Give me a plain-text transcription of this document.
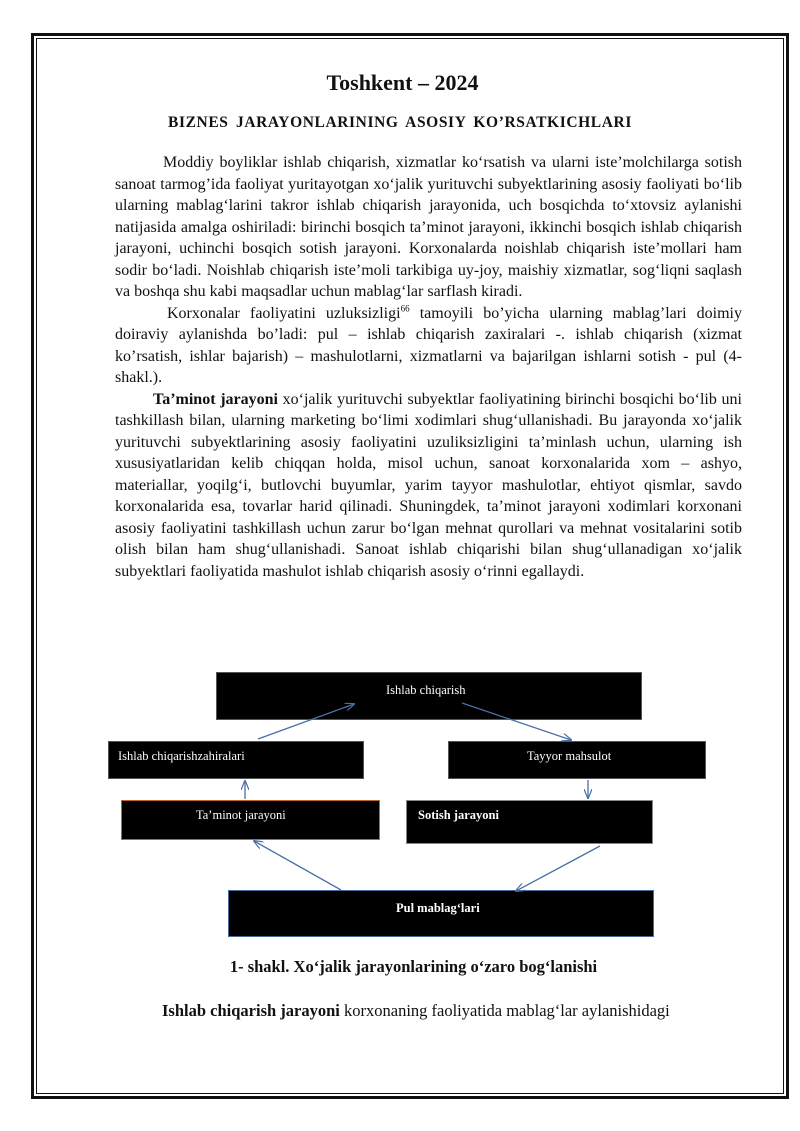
Toshkent – 2024
BIZNES JARAYONLARINING ASOSIY KO’RSATKICHLARI

Moddiy boyliklar ishlab chiqarish, xizmatlar ko‘rsatish va ularni iste’molchilarga sotish sanoat tarmog’ida faoliyat yuritayotgan xo‘jalik yurituvchi subyektlarining asosiy faoliyati bo‘lib ularning mablag‘larini takror ishlab chiqarish jarayonida, uch bosqichda to‘xtovsiz aylanishi natijasida amalga oshiriladi: birinchi bosqich ta’minot jarayoni, ikkinchi bosqich ishlab chiqarish jarayoni, uchinchi bosqich sotish jarayoni. Korxonalarda noishlab chiqarish iste’mollari ham sodir bo‘ladi. Noishlab chiqarish iste’moli tarkibiga uy-joy, maishiy xizmatlar, sog‘liqni saqlash va boshqa shu kabi maqsadlar uchun mablag‘lar sarflash kiradi.

Korxonalar faoliyatini uzluksizligi$^{66}$ tamoyili bo’yicha ularning mablag’lari doimiy doiraviy aylanishda bo’ladi: pul – ishlab chiqarish zaxiralari -. ishlab chiqarish (xizmat ko’rsatish, ishlar bajarish) – mashulotlarni, xizmatlarni va bajarilgan ishlarni sotish - pul (4- shakl.).

Ta’minot jarayoni xo‘jalik yurituvchi subyektlar faoliyatining birinchi bosqichi bo‘lib uni tashkillash bilan, ularning marketing bo‘limi xodimlari shug‘ullanishadi. Bu jarayonda xo‘jalik yurituvchi subyektlarining asosiy faoliyatini uzuliksizligini ta’minlash uchun, ularning ish xususiyatlaridan kelib chiqqan holda, misol uchun, sanoat korxonalarida xom – ashyo, materiallar, yoqilg‘i, butlovchi buyumlar, yarim tayyor mashulotlar, ehtiyot qismlar, savdo korxonalarida esa, tovarlar harid qilinadi. Shuningdek, ta’minot jarayoni xodimlari korxonani asosiy faoliyatini tashkillash uchun zarur bo‘lgan mehnat qurollari va mehnat vositalarini sotib olish bilan ham shug‘ullanishadi. Sanoat ishlab chiqarishi bilan shug‘ullanadigan xo‘jalik subyektlari faoliyatida mashulot ishlab chiqarish asosiy o‘rinni egallaydi.

Ishlab chiqarish
Ishlab chiqarishzahiralari	Tayyor mahsulot
Ta’minot jarayoni	Sotish jarayoni
Pul mablag‘lari
1- shakl. Xo‘jalik jarayonlarining o‘zaro bog‘lanishi
Ishlab chiqarish jarayoni korxonaning faoliyatida mablag‘lar aylanishidagi
